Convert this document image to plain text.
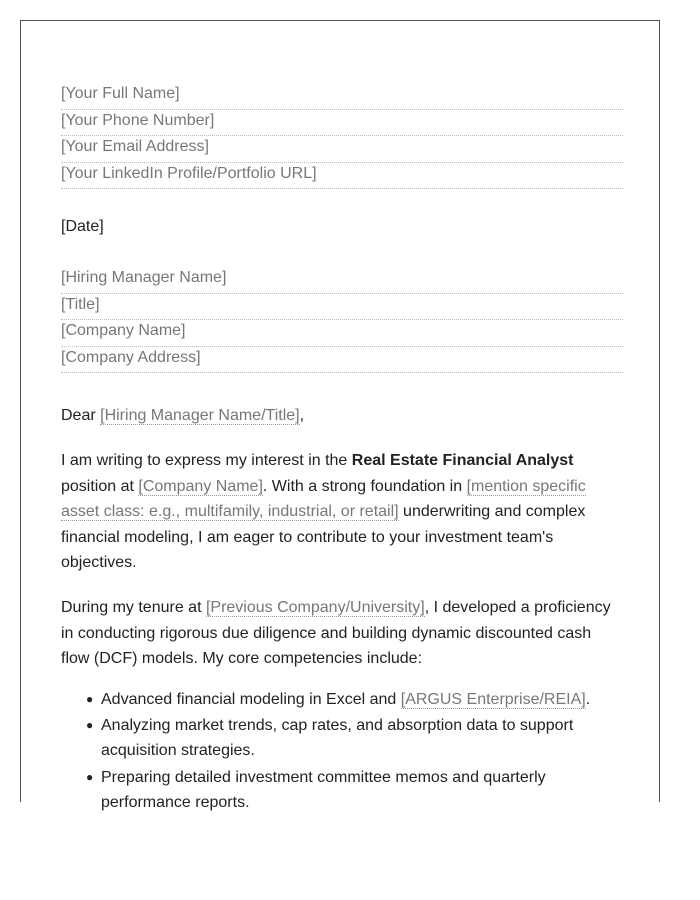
[Your Full Name]
[Your Phone Number]
[Your Email Address]
[Your LinkedIn Profile/Portfolio URL]
[Date]
[Hiring Manager Name]
[Title]
[Company Name]
[Company Address]
Dear [Hiring Manager Name/Title],

I am writing to express my interest in the Real Estate Financial Analyst position at [Company Name]. With a strong foundation in [mention specific asset class: e.g., multifamily, industrial, or retail] underwriting and complex financial modeling, I am eager to contribute to your investment team's objectives.

During my tenure at [Previous Company/University], I developed a proficiency in conducting rigorous due diligence and building dynamic discounted cash flow (DCF) models. My core competencies include:

● Advanced financial modeling in Excel and [ARGUS Enterprise/REIA].
● Analyzing market trends, cap rates, and absorption data to support acquisition strategies.
● Preparing detailed investment committee memos and quarterly performance reports.
